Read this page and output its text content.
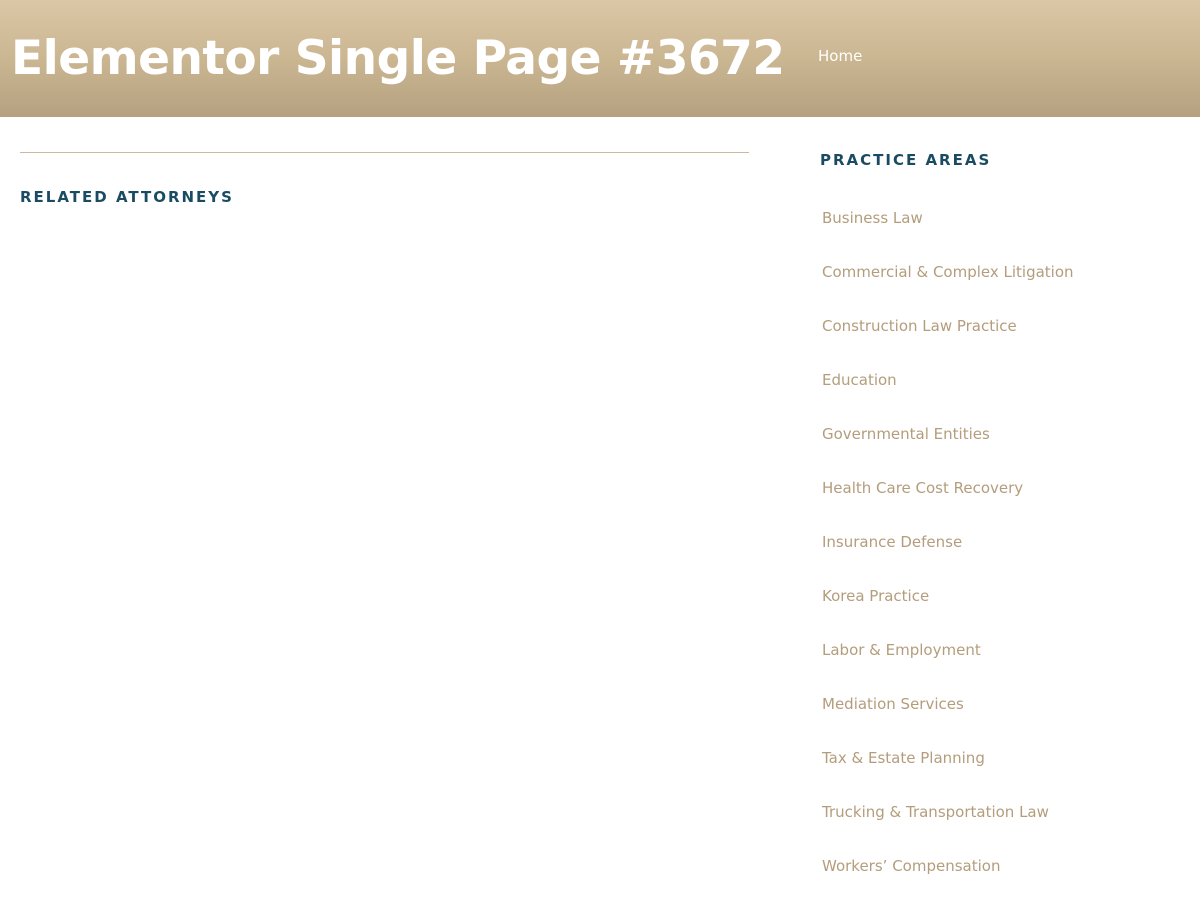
Elementor Single Page #3672 Home
RELATED ATTORNEYS
PRACTICE AREAS
Business Law
Commercial & Complex Litigation
Construction Law Practice
Education
Governmental Entities
Health Care Cost Recovery
Insurance Defense
Korea Practice
Labor & Employment
Mediation Services
Tax & Estate Planning
Trucking & Transportation Law
Workers’ Compensation
